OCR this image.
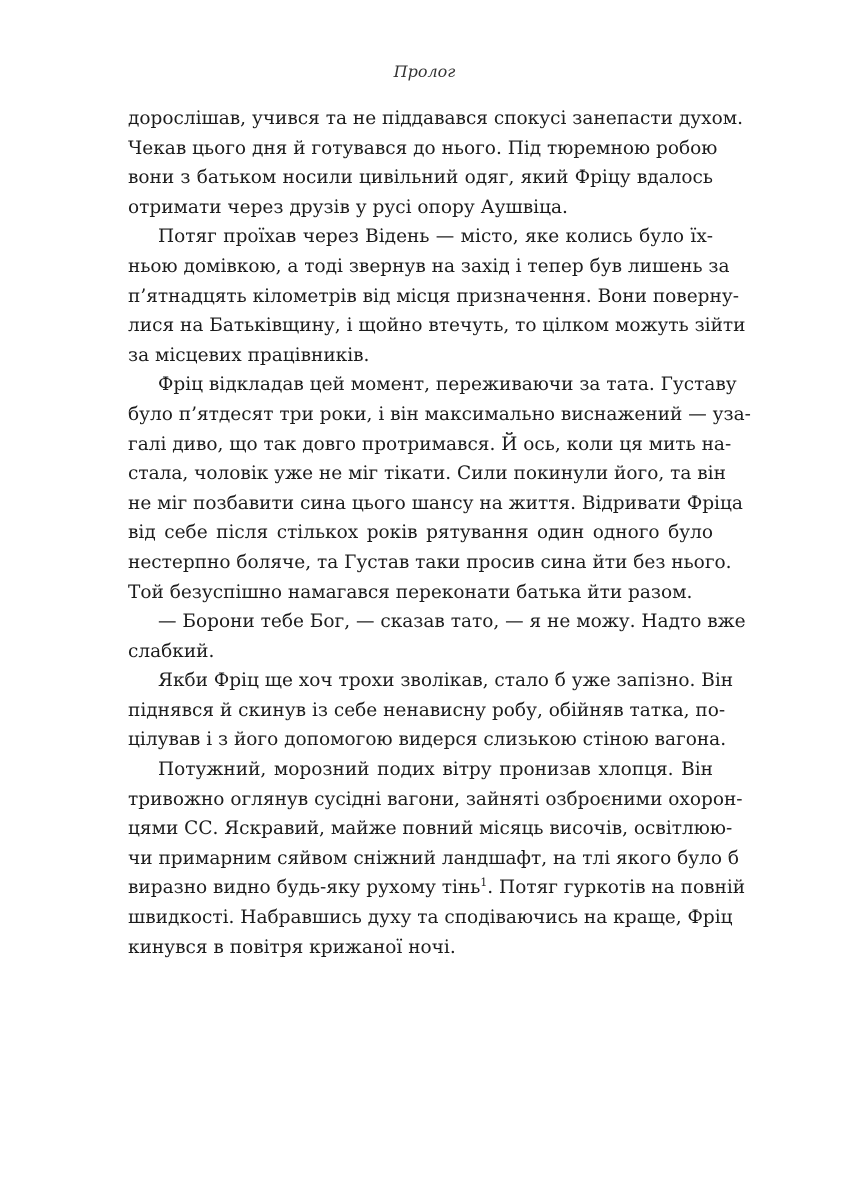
Пролог
дорослішав, учився та не піддавався спокусі занепасти духом.
Чекав цього дня й готувався до нього. Під тюремною робою
вони з батьком носили цивільний одяг, який Фріцу вдалось
отримати через друзів у русі опору Аушвіца.
Потяг проїхав через Відень — місто, яке колись було їх-
ньою домівкою, а тоді звернув на захід і тепер був лишень за
п’ятнадцять кілометрів від місця призначення. Вони поверну-
лися на Батьківщину, і щойно втечуть, то цілком можуть зійти
за місцевих працівників.
Фріц відкладав цей момент, переживаючи за тата. Густаву
було п’ятдесят три роки, і він максимально виснажений — уза-
галі диво, що так довго протримався. Й ось, коли ця мить на-
стала, чоловік уже не міг тікати. Сили покинули його, та він
не міг позбавити сина цього шансу на життя. Відривати Фріца
від себе після стількох років рятування один одного було
нестерпно боляче, та Густав таки просив сина йти без нього.
Той безуспішно намагався переконати батька йти разом.
— Борони тебе Бог, — сказав тато, — я не можу. Надто вже
слабкий.
Якби Фріц ще хоч трохи зволікав, стало б уже запізно. Він
піднявся й скинув із себе ненависну робу, обійняв татка, по-
цілував і з його допомогою видерся слизькою стіною вагона.
Потужний, морозний подих вітру пронизав хлопця. Він
тривожно оглянув сусідні вагони, зайняті озброєними охорон-
цями СС. Яскравий, майже повний місяць височів, освітлюю-
чи примарним сяйвом сніжний ландшафт, на тлі якого було б
виразно видно будь-яку рухому тінь$^1$. Потяг гуркотів на повній
швидкості. Набравшись духу та сподіваючись на краще, Фріц
кинувся в повітря крижаної ночі.
